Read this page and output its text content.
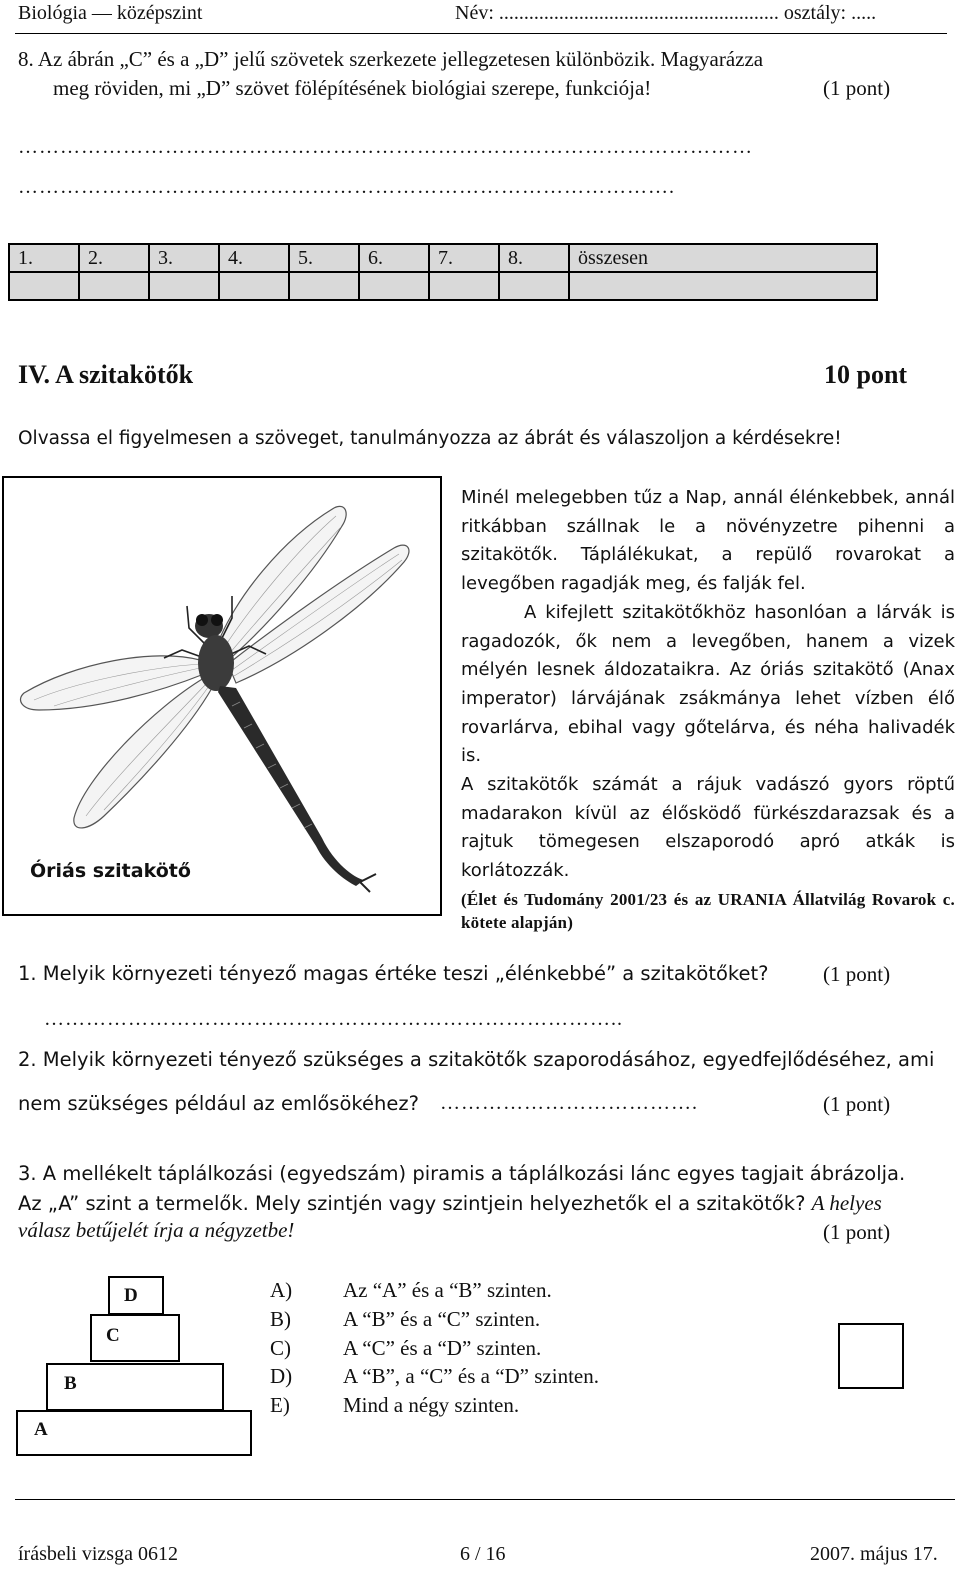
Biológia — középszint	Név: ........................................................ osztály: .....
8. Az ábrán „C” és a „D” jelű szövetek szerkezete jellegzetesen különbözik. Magyarázza
meg röviden, mi „D” szövet fölépítésének biológiai szerepe, funkciója!	(1 pont)
……………………………………………………………………………………………
………………………………………………………………………………….
1.	2.	3.	4.	5.	6.	7.	8.	összesen

IV. A szitakötők	10 pont
Olvassa el figyelmesen a szöveget, tanulmányozza az ábrát és válaszoljon a kérdésekre!
Óriás szitakötő

Minél melegebben tűz a Nap, annál élénkebbek, annál ritkábban szállnak le a növényzetre pihenni a szitakötők. Táplálékukat, a repülő rovarokat a levegőben ragadják meg, és falják fel.

A kifejlett szitakötőkhöz hasonlóan a lárvák is ragadozók, ők nem a levegőben, hanem a vizek mélyén lesnek áldozataikra. Az óriás szitakötő (Anax imperator) lárvájának zsákmánya lehet vízben élő rovarlárva, ebihal vagy gőtelárva, és néha halivadék is.

A szitakötők számát a rájuk vadászó gyors röptű madarakon kívül az élősködő fürkészdarazsak és a rajtuk tömegesen elszaporodó apró atkák is korlátozzák.

(Élet és Tudomány 2001/23 és az URANIA Állatvilág Rovarok c. kötete alapján)

1. Melyik környezeti tényező magas értéke teszi „élénkebbé” a szitakötőket?	(1 pont)
………………………………………………………………………..
2. Melyik környezeti tényező szükséges a szitakötők szaporodásához, egyedfejlődéséhez, ami
nem szükséges például az emlősökéhez? ……………………………….	(1 pont)
3. A mellékelt táplálkozási (egyedszám) piramis a táplálkozási lánc egyes tagjait ábrázolja.
Az „A” szint a termelők. Mely szintjén vagy szintjein helyezhetők el a szitakötők? A helyes
válasz betűjelét írja a négyzetbe!	(1 pont)
A
B
C
D	A) Az “A” és a “B” szinten.
B) A “B” és a “C” szinten.
C) A “C” és a “D” szinten.
D) A “B”, a “C” és a “D” szinten.
E)	Mind a négy szinten.
írásbeli vizsga 0612	6 / 16	2007. május 17.
